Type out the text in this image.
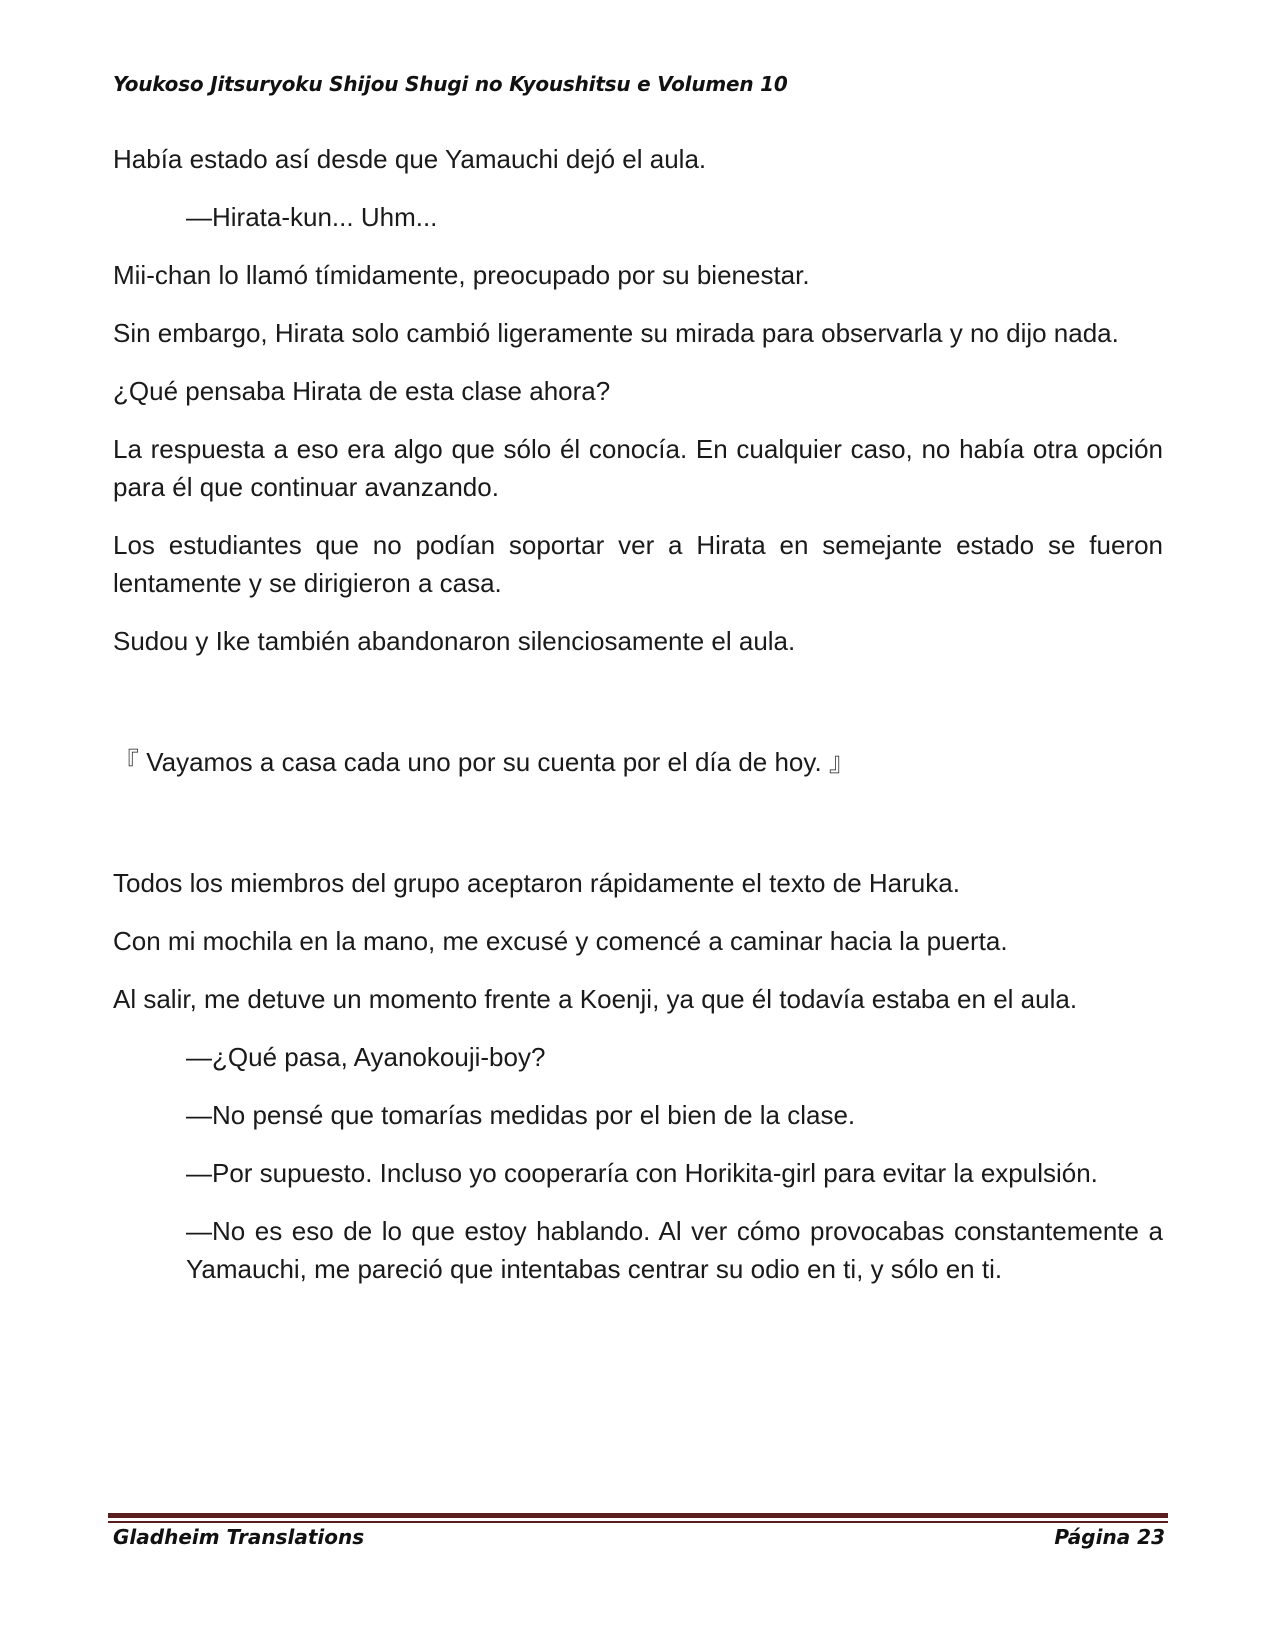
Youkoso Jitsuryoku Shijou Shugi no Kyoushitsu e Volumen 10

Había estado así desde que Yamauchi dejó el aula.

—Hirata-kun... Uhm...

Mii-chan lo llamó tímidamente, preocupado por su bienestar.

Sin embargo, Hirata solo cambió ligeramente su mirada para observarla y no dijo nada.

¿Qué pensaba Hirata de esta clase ahora?

La respuesta a eso era algo que sólo él conocía. En cualquier caso, no había otra opción para él que continuar avanzando.

Los estudiantes que no podían soportar ver a Hirata en semejante estado se fueron lentamente y se dirigieron a casa.

Sudou y Ike también abandonaron silenciosamente el aula.

『 Vayamos a casa cada uno por su cuenta por el día de hoy. 』

Todos los miembros del grupo aceptaron rápidamente el texto de Haruka.

Con mi mochila en la mano, me excusé y comencé a caminar hacia la puerta.

Al salir, me detuve un momento frente a Koenji, ya que él todavía estaba en el aula.

—¿Qué pasa, Ayanokouji-boy?

—No pensé que tomarías medidas por el bien de la clase.

—Por supuesto. Incluso yo cooperaría con Horikita-girl para evitar la expulsión.

—No es eso de lo que estoy hablando. Al ver cómo provocabas constantemente a Yamauchi, me pareció que intentabas centrar su odio en ti, y sólo en ti.

Gladheim Translations	Página 23
